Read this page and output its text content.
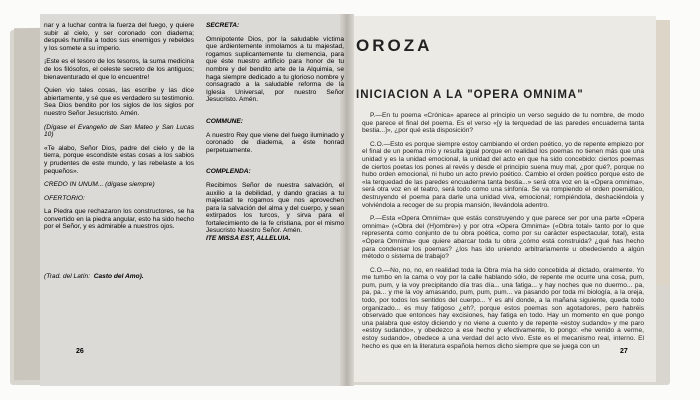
nar y a luchar contra la fuerza del fuego, y quiere subir al cielo, y ser coronado con diadema; después humilla a todos sus enemigos y rebeldes y los somete a su imperio.

¡Este es el tesoro de los tesoros, la suma medicina de los filósofos, el celeste secreto de los antiguos; bienaventurado el que lo encuentre!

Quien vio tales cosas, las escribe y las dice abiertamente, y sé que es verdadero su testimonio. Sea Dios bendito por los siglos de los siglos por nuestro Señor Jesucristo. Amén.

(Dígase el Evangelio de San Mateo y San Lucas 10)

«Te alabo, Señor Dios, padre del cielo y de la tierra, porque escondiste estas cosas a los sabios y prudentes de este mundo, y las rebelaste a los pequeños».

CREDO IN UNUM... (dígase siempre)

OFERTORIO:

La Piedra que rechazaron los constructores, se ha convertido en la piedra angular, esto ha sido hecho por el Señor, y es admirable a nuestros ojos.

(Trad. del Latín: Casto del Amo).

SECRETA:

Omnipotente Dios, por la saludable víctima que ardientemente inmolamos a tu majestad, rogamos suplicantemente tu clemencia, para que éste nuestro artificio para honor de tu nombre y del bendito arte de la Alquimia, se haga siempre dedicado a tu glorioso nombre y consagrado a la saludable reforma de la Iglesia Universal, por nuestro Señor Jesucristo. Amén.

COMMUNE:

A nuestro Rey que viene del fuego iluminado y coronado de diadema, a éste honrad perpetuamente.

COMPLENDA:

Recibimos Señor de nuestra salvación, el auxilio a la debilidad, y dando gracias a tu majestad te rogamos que nos aprovechen para la salvación del alma y del cuerpo, y sean extirpados los turcos, y sirva para el fortalecimiento de la fe cristiana, por el mismo Jesucristo Nuestro Señor. Amén.

ITE MISSA EST, ALLELUIA.

26
OROZA
INICIACION A LA "OPERA OMNIMA"

P.—En tu poema «Crónica» aparece al principio un verso seguido de tu nombre, de modo que parece el final del poema. Es el verso «[y la terquedad de las paredes encuaderna tanta bestia...]», ¿por qué esta disposición?

C.O.—Esto es porque siempre estoy cambiando el orden poético, yo de repente empiezo por el final de un poema mío y resulta igual porque en realidad los poemas no tienen más que una unidad y es la unidad emocional, la unidad del acto en que ha sido concebido: ciertos poemas de ciertos poetas los pones al revés y desde el principio suena muy mal, ¿por qué?, porque no hubo orden emocional, ni hubo un acto previo poético. Cambio el orden poético porque esto de «la terquedad de las paredes encuaderna tanta bestia...» será otra voz en la «Opera omnima», será otra voz en el teatro, será todo como una sinfonía. Se va rompiendo el orden poemático, destruyendo el poema para darle una unidad viva, emocional; rompiéndola, deshaciéndola y volviéndola a recoger de su propia mansión, llevándola adentro.

P.—Esta «Opera Omnima» que estás construyendo y que parece ser por una parte «Opera omnima» («Obra del (H)ombre») y por otra «Opera Omnima» («Obra total» tanto por lo que representa como conjunto de tu obra poética, como por su carácter espectacular, total), esta «Opera Omnima» que quiere abarcar toda tu obra ¿cómo está construida? ¿qué has hecho para condensar los poemas? ¿los has ido uniendo arbitrariamente u obedeciendo a algún método o sistema de trabajo?

C.O.—No, no, no, en realidad toda la Obra mía ha sido concebida al dictado, oralmente. Yo me tumbo en la cama o voy por la calle hablando sólo, de repente me ocurre una cosa, pum, pum, pum, y la voy precipitando día tras día... una fatiga... y hay noches que no duermo... pa, pa, pa... y me la voy amasando, pum, pum, pum... va pasando por toda mi biología, a la oreja, todo, por todos los sentidos del cuerpo... Y es ahí donde, a la mañana siguiente, queda todo organizado... es muy fatigoso ¿eh?, porque estos poemas son agotadores, pero habréis observado que entonces hay excisiones, hay fatiga en todo. Hay un momento en que pongo una palabra que estoy diciendo y no viene a cuento y de repente «estoy sudando» y me paro «estoy sudando», y obedezco a ese hecho y efectivamente, lo pongo: «he venido a verme, estoy sudando», obedece a una verdad del acto vivo. Este es el mecanismo real, interno. El hecho es que en la literatura española hemos dicho siempre que se juega con un

27
